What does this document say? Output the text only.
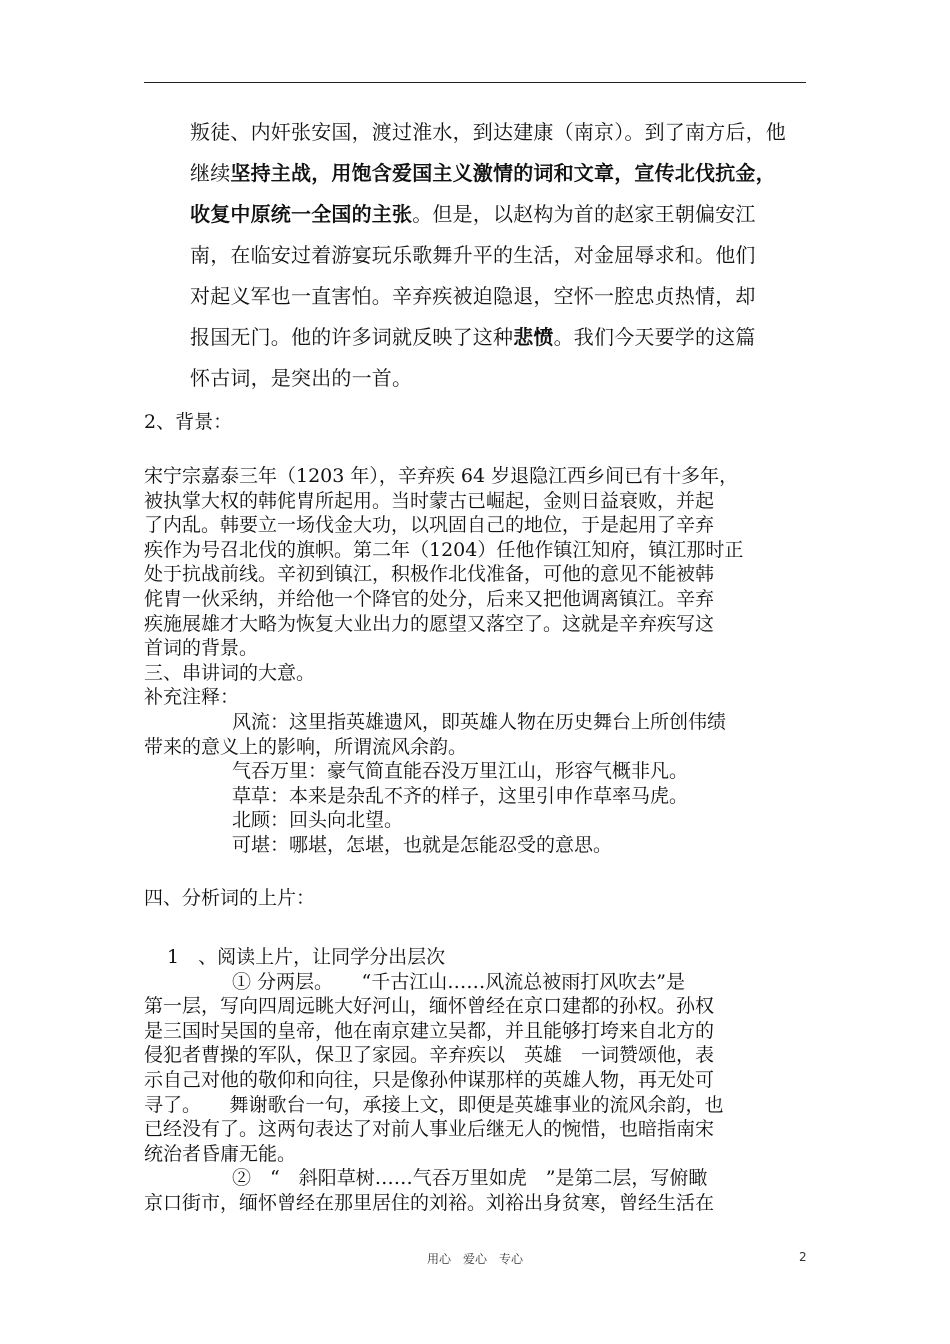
叛徒、内奸张安国，渡过淮水，到达建康（南京）。到了南方后，他

继续坚持主战，用饱含爱国主义激情的词和文章，宣传北伐抗金，

收复中原统一全国的主张。但是，以赵构为首的赵家王朝偏安江

南，在临安过着游宴玩乐歌舞升平的生活，对金屈辱求和。他们

对起义军也一直害怕。辛弃疾被迫隐退，空怀一腔忠贞热情，却

报国无门。他的许多词就反映了这种悲愤。我们今天要学的这篇

怀古词，是突出的一首。

2、背景：

宋宁宗嘉泰三年（1203 年），辛弃疾 64 岁退隐江西乡间已有十多年，

被执掌大权的韩侂胄所起用。当时蒙古已崛起，金则日益衰败，并起

了内乱。韩要立一场伐金大功，以巩固自己的地位，于是起用了辛弃

疾作为号召北伐的旗帜。第二年（1204）任他作镇江知府，镇江那时正

处于抗战前线。辛初到镇江，积极作北伐准备，可他的意见不能被韩

侂胄一伙采纳，并给他一个降官的处分，后来又把他调离镇江。辛弃

疾施展雄才大略为恢复大业出力的愿望又落空了。这就是辛弃疾写这

首词的背景。

三、串讲词的大意。

补充注释：

风流：这里指英雄遗风，即英雄人物在历史舞台上所创伟绩

带来的意义上的影响，所谓流风余韵。

气吞万里：豪气简直能吞没万里江山，形容气概非凡。

草草：本来是杂乱不齐的样子，这里引申作草率马虎。

北顾：回头向北望。

可堪：哪堪，怎堪，也就是怎能忍受的意思。

四、分析词的上片：

1　、阅读上片，让同学分出层次

① 分两层。　　“千古江山……风流总被雨打风吹去”是

第一层，写向四周远眺大好河山，缅怀曾经在京口建都的孙权。孙权

是三国时吴国的皇帝，他在南京建立吴都，并且能够打垮来自北方的

侵犯者曹操的军队，保卫了家园。辛弃疾以　英雄　一词赞颂他，表

示自己对他的敬仰和向往，只是像孙仲谋那样的英雄人物，再无处可

寻了。　　舞谢歌台一句，承接上文，即便是英雄事业的流风余韵，也

已经没有了。这两句表达了对前人事业后继无人的惋惜，也暗指南宋

统治者昏庸无能。

②　“　斜阳草树……气吞万里如虎　”是第二层，写俯瞰

京口街市，缅怀曾经在那里居住的刘裕。刘裕出身贫寒，曾经生活在

用心　爱心　专心	2
